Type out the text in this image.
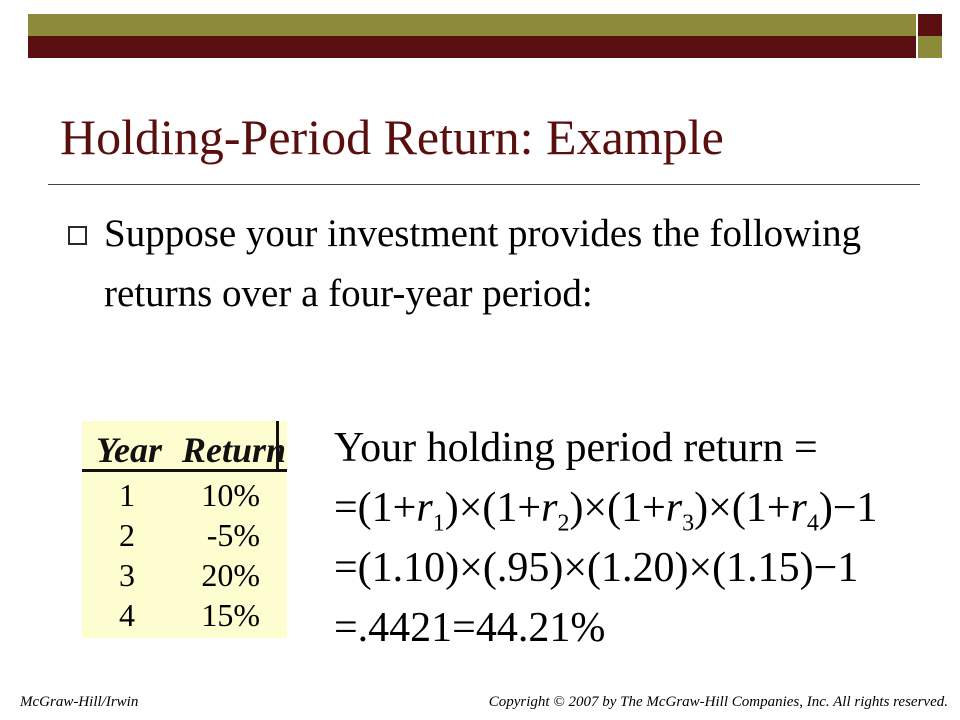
Holding-Period Return: Example
Suppose your investment provides the following returns over a four-year period:
Year Return
1	10%
2	-5%
3	20%
4	15%
Your holding period return =
$=(1+r_1)\times(1+r_2)\times(1+r_3)\times(1+r_4)-1$
=(1.10)×(.95)×(1.20)×(1.15)−1
=.4421=44.21%
McGraw-Hill/Irwin	Copyright © 2007 by The McGraw-Hill Companies, Inc. All rights reserved.
